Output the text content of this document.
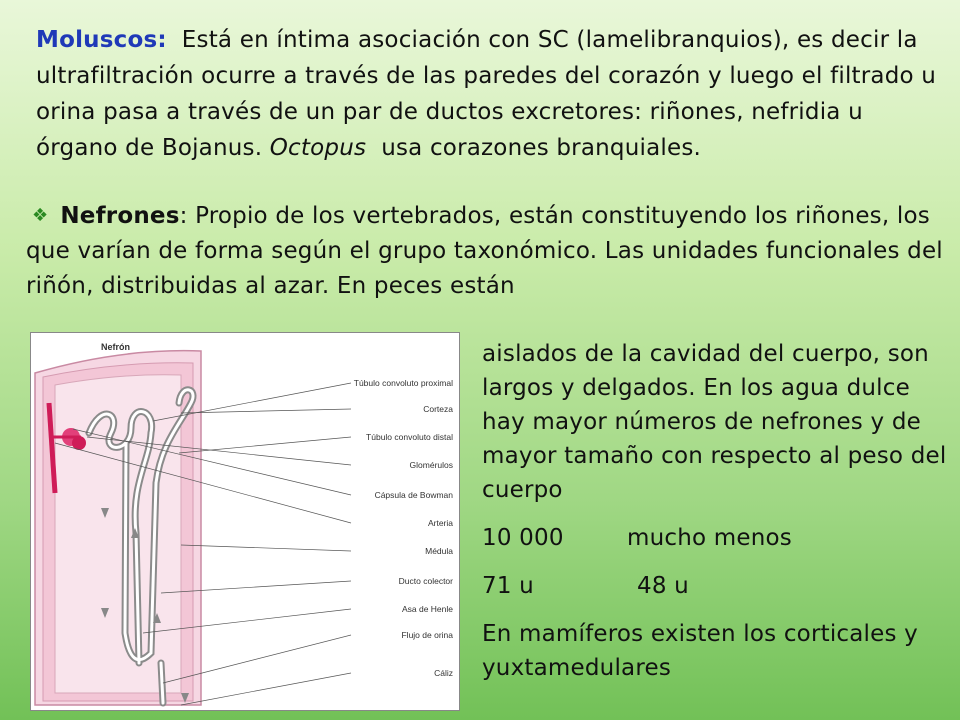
Moluscos: Está en íntima asociación con SC (lamelibranquios), es decir la ultrafiltración ocurre a través de las paredes del corazón y luego el filtrado u orina pasa a través de un par de ductos excretores: riñones, nefridia u órgano de Bojanus. Octopus usa corazones branquiales.
❖ Nefrones: Propio de los vertebrados, están constituyendo los riñones, los que varían de forma según el grupo taxonómico. Las unidades funcionales del riñón, distribuidas al azar. En peces están
Nefrón
Túbulo convoluto proximal
Corteza
Túbulo convoluto distal
Glomérulos
Cápsula de Bowman
Arteria
Médula
Ducto colector
Asa de Henle
Flujo de orina
Cáliz

aislados de la cavidad del cuerpo, son largos y delgados. En los agua dulce hay mayor números de nefrones y de mayor tamaño con respecto al peso del cuerpo

10 000	mucho menos
71 u	48 u

En mamíferos existen los corticales y yuxtamedulares
